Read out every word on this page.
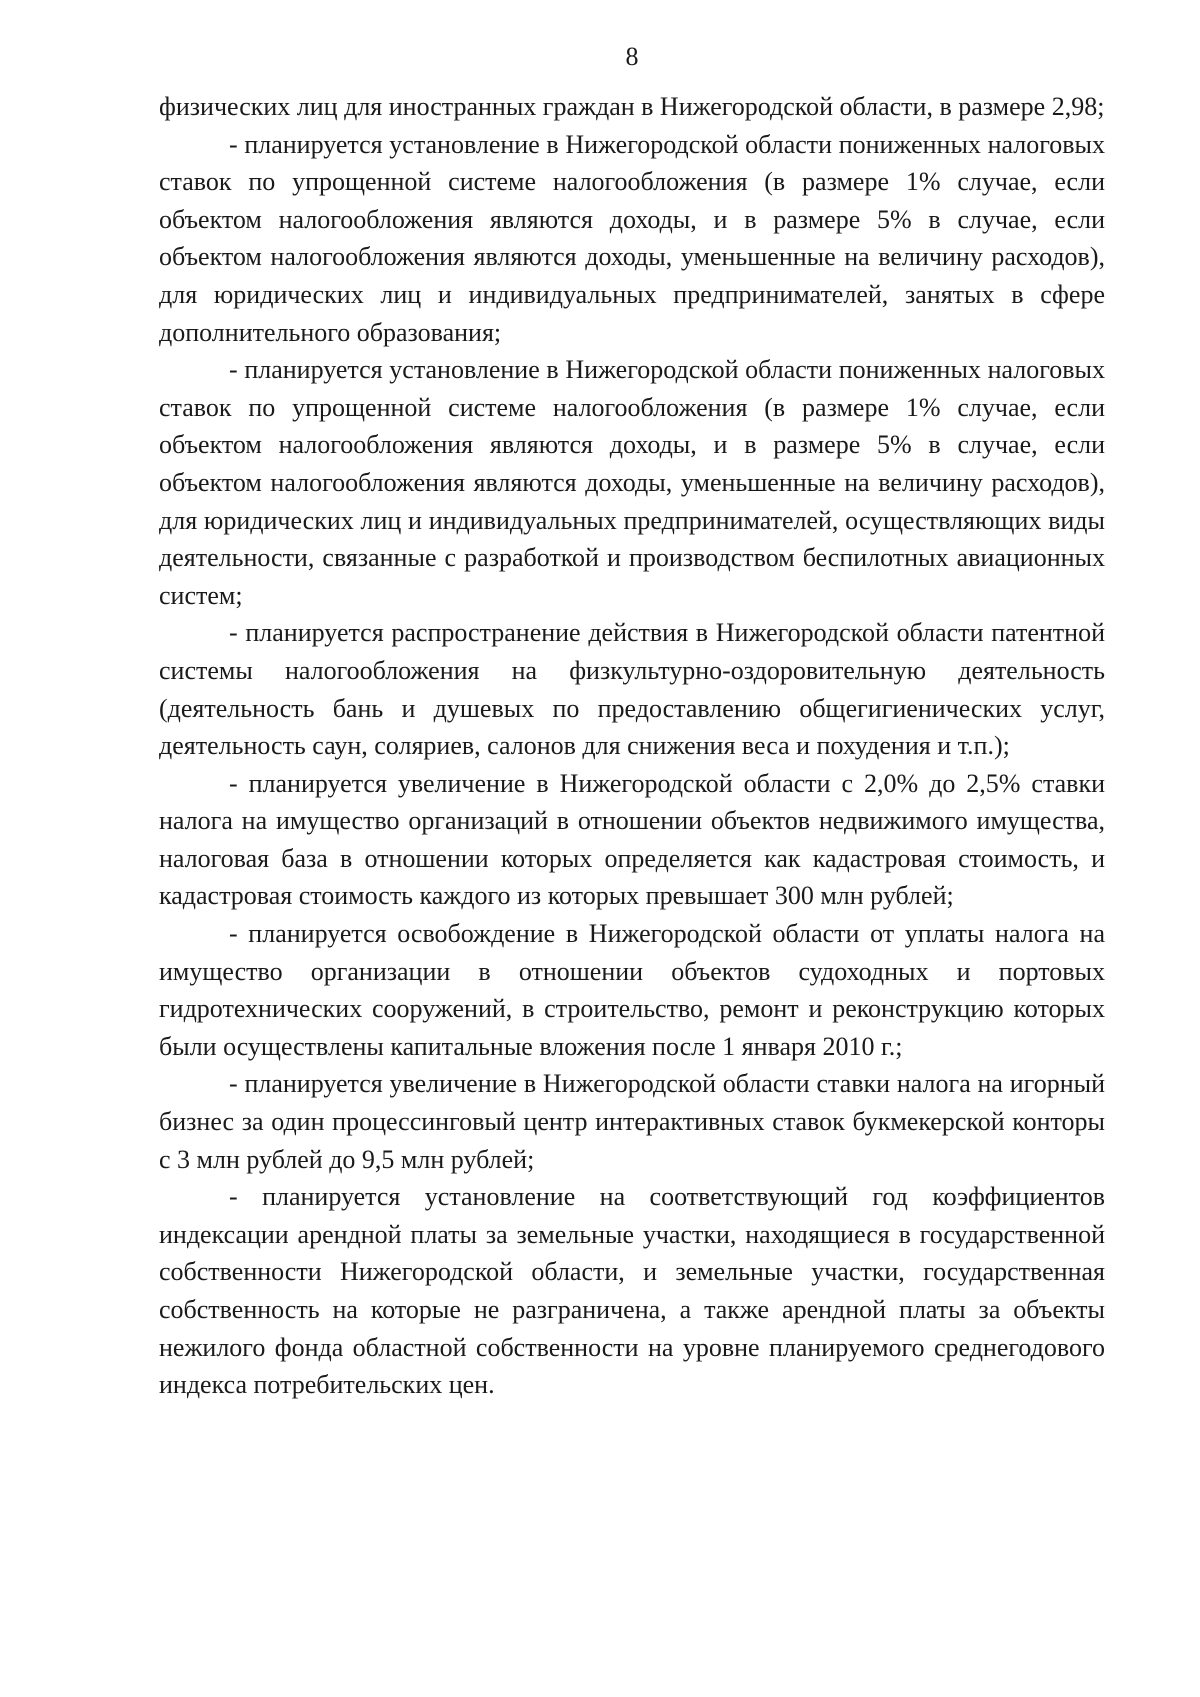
8

физических лиц для иностранных граждан в Нижегородской области, в размере 2,98;

- планируется установление в Нижегородской области пониженных налоговых ставок по упрощенной системе налогообложения (в размере 1% случае, если объектом налогообложения являются доходы, и в размере 5% в случае, если объектом налогообложения являются доходы, уменьшенные на величину расходов), для юридических лиц и индивидуальных предпринимателей, занятых в сфере дополнительного образования;

- планируется установление в Нижегородской области пониженных налоговых ставок по упрощенной системе налогообложения (в размере 1% случае, если объектом налогообложения являются доходы, и в размере 5% в случае, если объектом налогообложения являются доходы, уменьшенные на величину расходов), для юридических лиц и индивидуальных предпринимателей, осуществляющих виды деятельности, связанные с разработкой и производством беспилотных авиационных систем;

- планируется распространение действия в Нижегородской области патентной системы налогообложения на физкультурно-оздоровительную деятельность (деятельность бань и душевых по предоставлению общегигиенических услуг, деятельность саун, соляриев, салонов для снижения веса и похудения и т.п.);

- планируется увеличение в Нижегородской области с 2,0% до 2,5% ставки налога на имущество организаций в отношении объектов недвижимого имущества, налоговая база в отношении которых определяется как кадастровая стоимость, и кадастровая стоимость каждого из которых превышает 300 млн рублей;

- планируется освобождение в Нижегородской области от уплаты налога на имущество организации в отношении объектов судоходных и портовых гидротехнических сооружений, в строительство, ремонт и реконструкцию которых были осуществлены капитальные вложения после 1 января 2010 г.;

- планируется увеличение в Нижегородской области ставки налога на игорный бизнес за один процессинговый центр интерактивных ставок букмекерской конторы с 3 млн рублей до 9,5 млн рублей;

- планируется установление на соответствующий год коэффициентов индексации арендной платы за земельные участки, находящиеся в государственной собственности Нижегородской области, и земельные участки, государственная собственность на которые не разграничена, а также арендной платы за объекты нежилого фонда областной собственности на уровне планируемого среднегодового индекса потребительских цен.
